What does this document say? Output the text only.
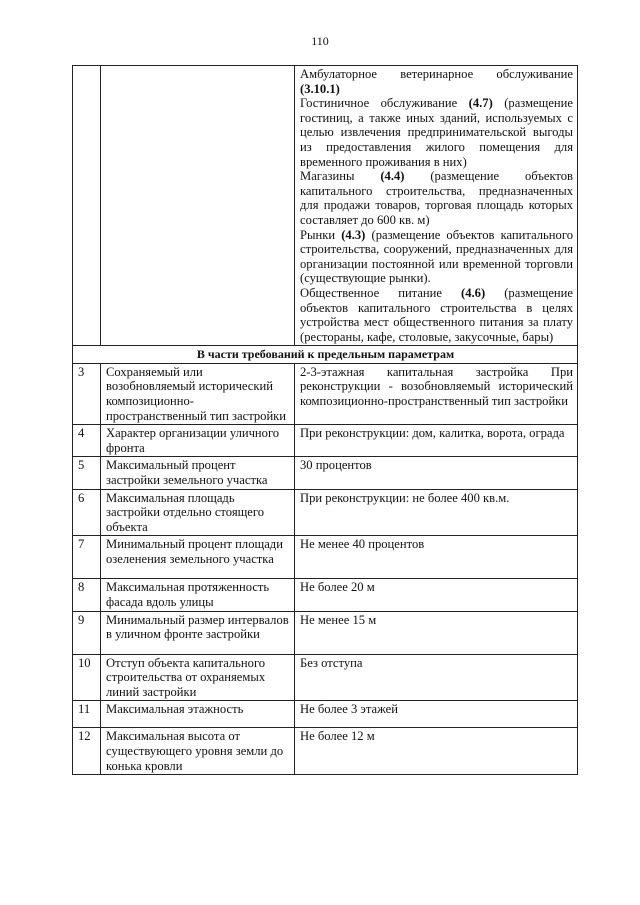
110

		Амбулаторное ветеринарное обслуживание (3.10.1)

Гостиничное обслуживание (4.7) (размещение гостиниц, а также иных зданий, используемых с целью извлечения предпринимательской выгоды из предоставления жилого помещения для временного проживания в них)

Магазины (4.4) (размещение объектов капитального строительства, предназначенных для продажи товаров, торговая площадь которых составляет до 600 кв. м)

Рынки (4.3) (размещение объектов капитального строительства, сооружений, предназначенных для организации постоянной или временной торговли (существующие рынки).

Общественное питание (4.6) (размещение объектов капитального строительства в целях устройства мест общественного питания за плату (рестораны, кафе, столовые, закусочные, бары)

В части требований к предельным параметрам		
3	Сохраняемый или возобновляемый исторический композиционно-пространственный тип застройки	2-3-этажная капитальная застройка При реконструкции - возобновляемый исторический композиционно-пространственный тип застройки
4	Характер организации уличного фронта	При реконструкции: дом, калитка, ворота, ограда
5	Максимальный процент застройки земельного участка	30 процентов
6	Максимальная площадь застройки отдельно стоящего объекта	При реконструкции: не более 400 кв.м.
7	Минимальный процент площади озеленения земельного участка	Не менее 40 процентов
8	Максимальная протяженность фасада вдоль улицы	Не более 20 м
9	Минимальный размер интервалов в уличном фронте застройки	Не менее 15 м
10	Отступ объекта капитального строительства от охраняемых линий застройки	Без отступа
11	Максимальная этажность	Не более 3 этажей
12	Максимальная высота от существующего уровня земли до конька кровли	Не более 12 м
